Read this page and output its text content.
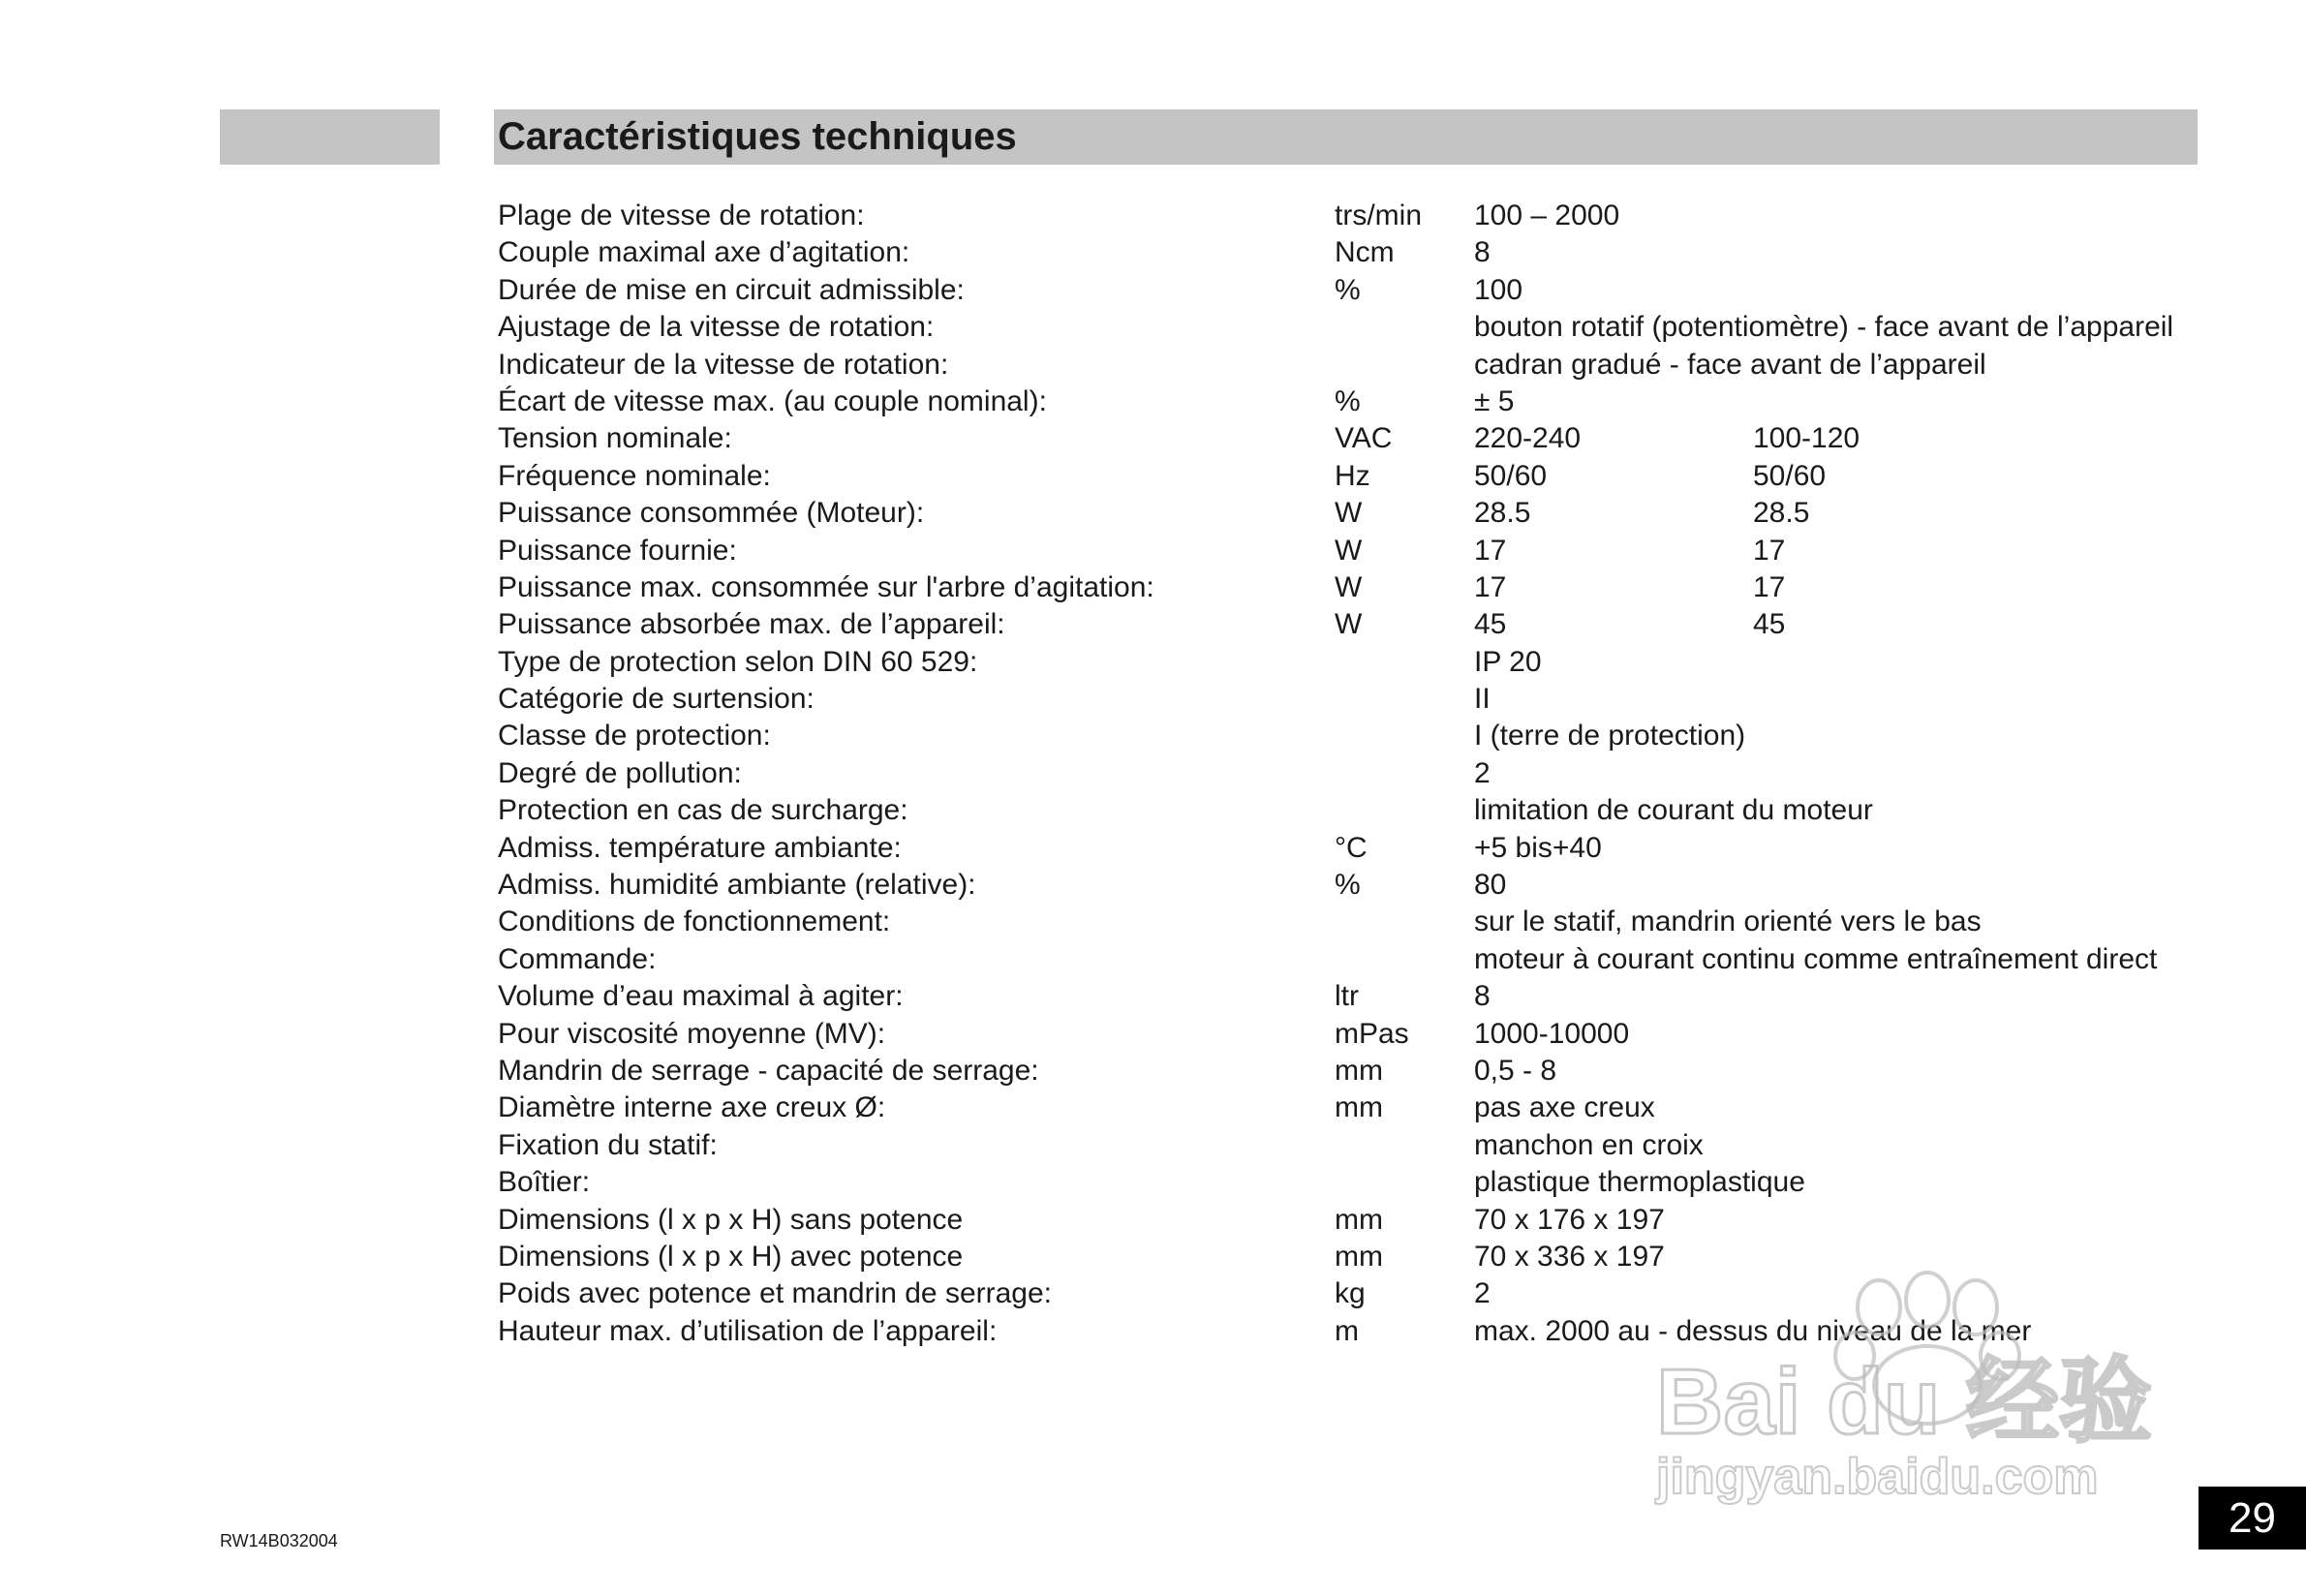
Caractéristiques techniques
Plage de vitesse de rotation:	trs/min 100 – 2000
Couple maximal axe d’agitation:	Ncm	8
Durée de mise en circuit admissible:	%	100
Ajustage de la vitesse de rotation:	bouton rotatif (potentiomètre) - face avant de l’appareil
Indicateur de la vitesse de rotation:	cadran gradué - face avant de l’appareil
Écart de vitesse max. (au couple nominal):	%	± 5
Tension nominale:	VAC	220-240	100-120
Fréquence nominale:	Hz	50/60	50/60
Puissance consommée (Moteur):	W	28.5	28.5
Puissance fournie:	W	17	17
Puissance max. consommée sur l'arbre d’agitation:	W	17	17
Puissance absorbée max. de l’appareil:	W	45	45
Type de protection selon DIN 60 529:	IP 20
Catégorie de surtension:	II
Classe de protection:	I (terre de protection)
Degré de pollution:	2
Protection en cas de surcharge:	limitation de courant du moteur
Admiss. température ambiante:	°C	+5 bis+40
Admiss. humidité ambiante (relative):	%	80
Conditions de fonctionnement:	sur le statif, mandrin orienté vers le bas
Commande:	moteur à courant continu comme entraînement direct
Volume d’eau maximal à agiter:	ltr	8
Pour viscosité moyenne (MV):	mPas 1000-10000
Mandrin de serrage - capacité de serrage:	mm	0,5 - 8
Diamètre interne axe creux Ø:	mm	pas axe creux
Fixation du statif:	manchon en croix
Boîtier:	plastique thermoplastique
Dimensions (l x p x H) sans potence	mm	70 x 176 x 197
Dimensions (l x p x H) avec potence	mm	70 x 336 x 197
Poids avec potence et mandrin de serrage:	kg	2
Hauteur max. d’utilisation de l’appareil:	m	max. 2000 au - dessus du niveau de la mer
RW14B032004	29
Bai du 经验
jingyan.baidu.com
